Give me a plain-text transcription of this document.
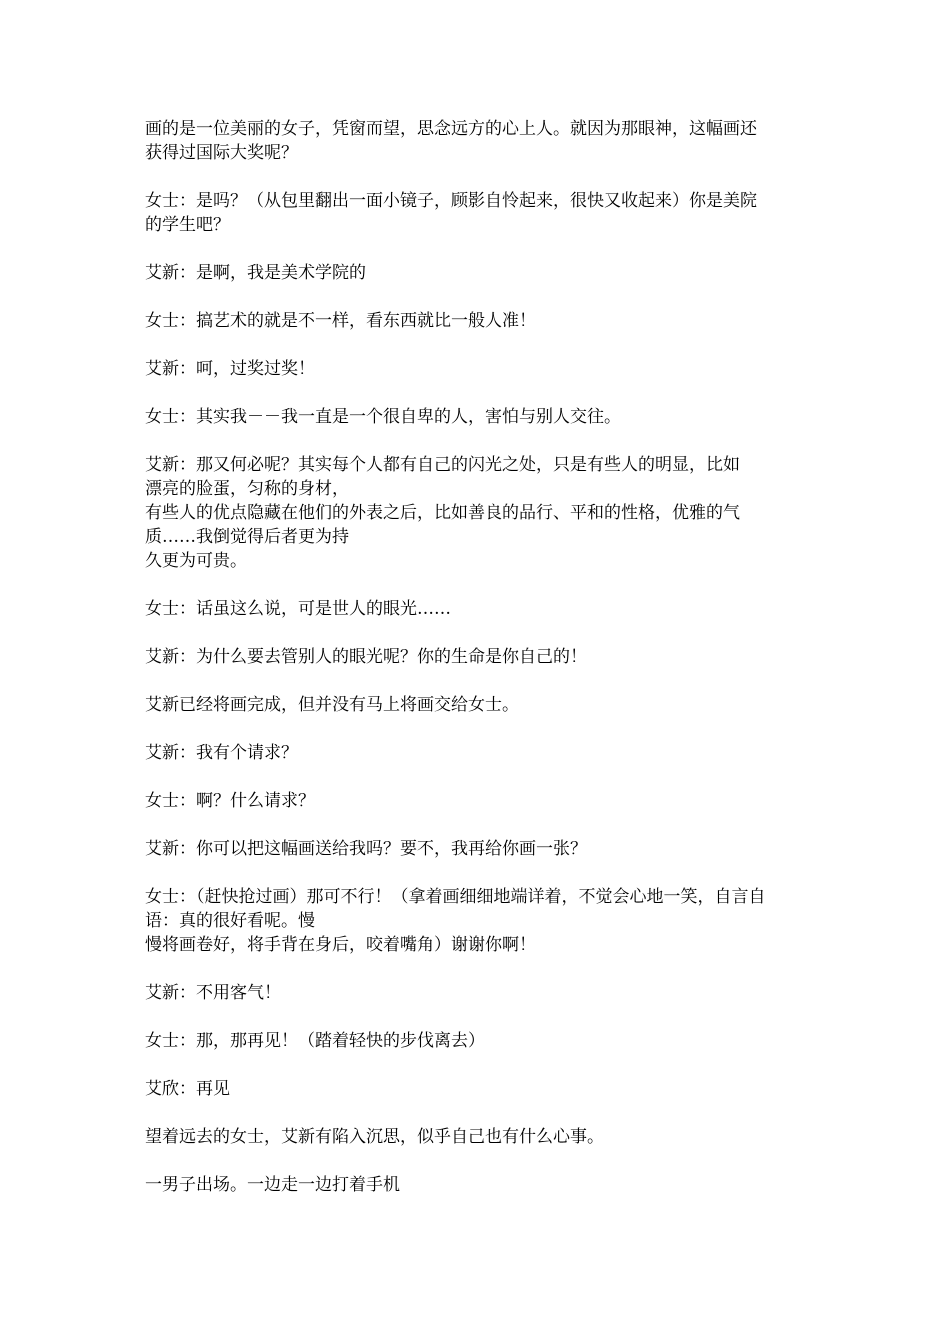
画的是一位美丽的女子，凭窗而望，思念远方的心上人。就因为那眼神，这幅画还
获得过国际大奖呢？

女士：是吗？（从包里翻出一面小镜子，顾影自怜起来，很快又收起来）你是美院
的学生吧？

艾新：是啊，我是美术学院的

女士：搞艺术的就是不一样，看东西就比一般人准！

艾新：呵，过奖过奖！

女士：其实我－－我一直是一个很自卑的人，害怕与别人交往。

艾新：那又何必呢？其实每个人都有自己的闪光之处，只是有些人的明显，比如
漂亮的脸蛋，匀称的身材，
有些人的优点隐藏在他们的外表之后，比如善良的品行、平和的性格，优雅的气
质……我倒觉得后者更为持
久更为可贵。

女士：话虽这么说，可是世人的眼光……

艾新：为什么要去管别人的眼光呢？你的生命是你自己的！

艾新已经将画完成，但并没有马上将画交给女士。

艾新：我有个请求？

女士：啊？什么请求？

艾新：你可以把这幅画送给我吗？要不，我再给你画一张？

女士：（赶快抢过画）那可不行！（拿着画细细地端详着，不觉会心地一笑，自言自
语：真的很好看呢。慢
慢将画卷好，将手背在身后，咬着嘴角）谢谢你啊！

艾新：不用客气！

女士：那，那再见！（踏着轻快的步伐离去）

艾欣：再见

望着远去的女士，艾新有陷入沉思，似乎自己也有什么心事。

一男子出场。一边走一边打着手机
